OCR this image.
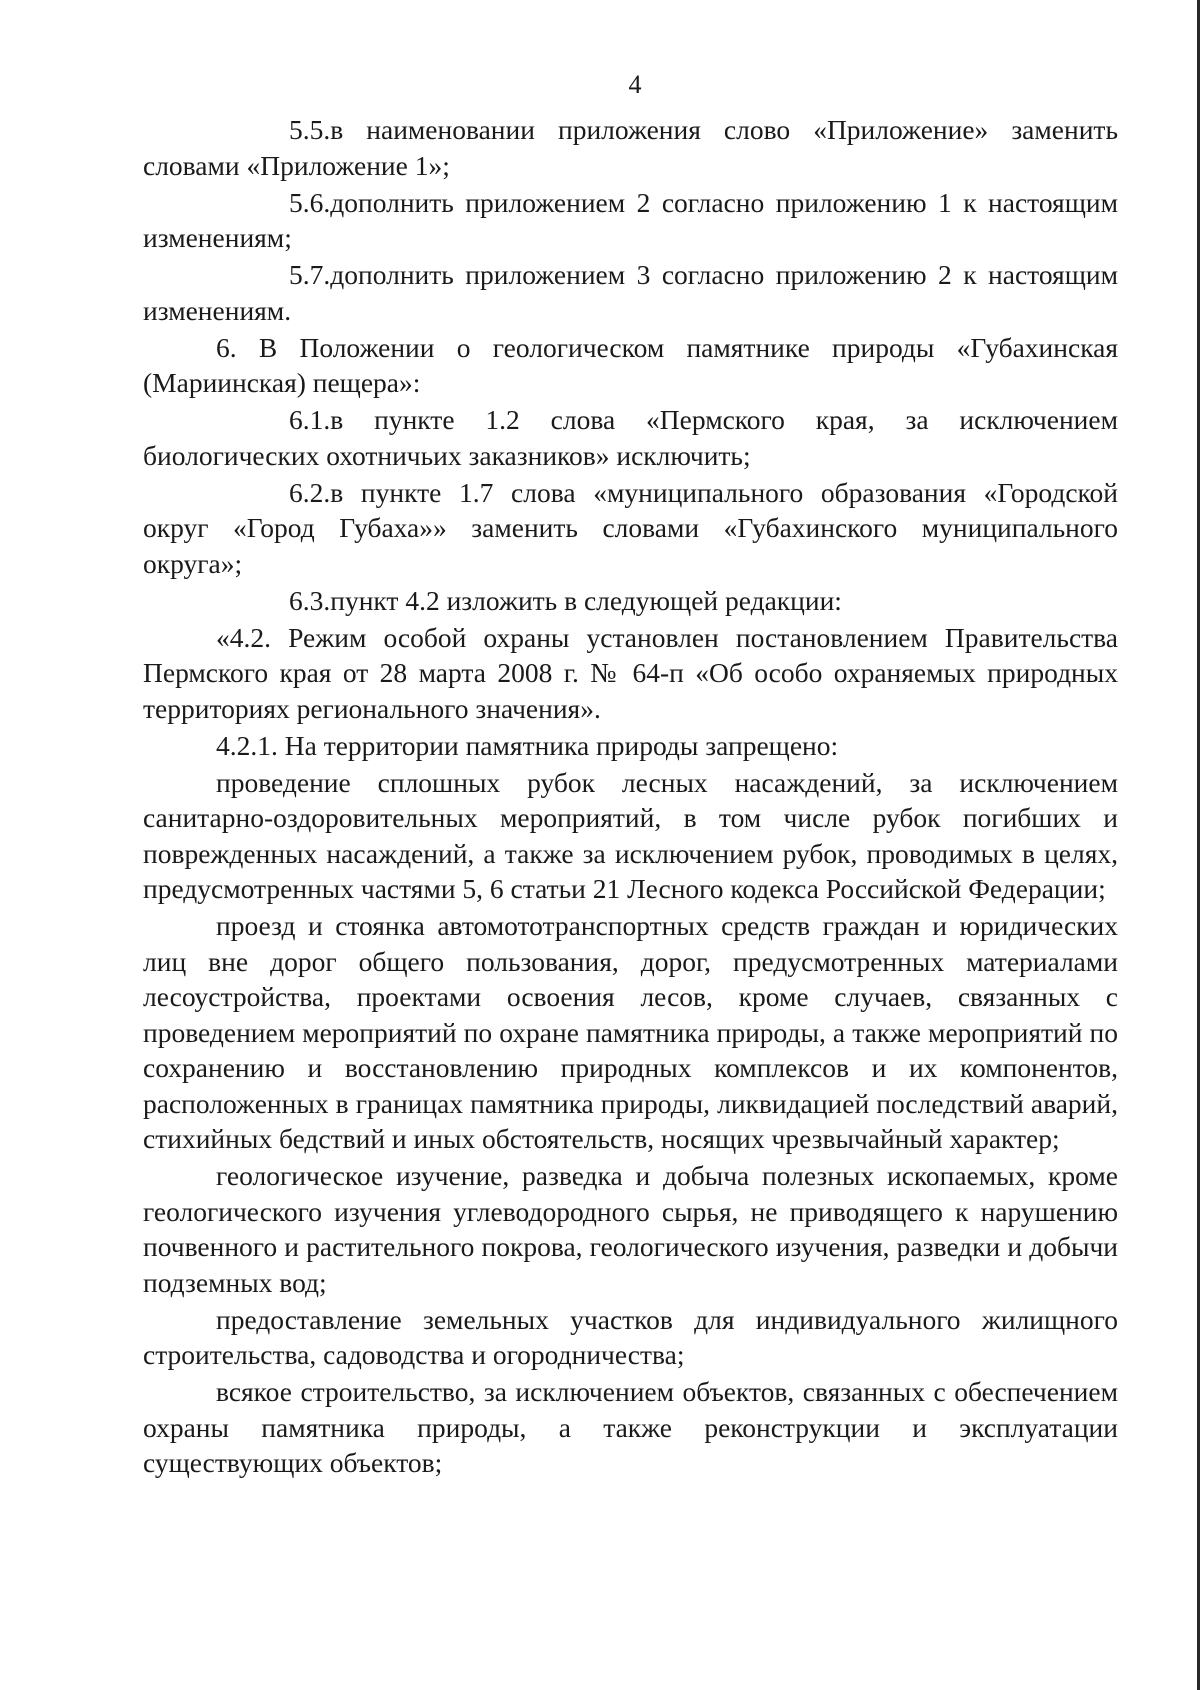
4

5.5.в наименовании приложения слово «Приложение» заменить словами «Приложение 1»;

5.6.дополнить приложением 2 согласно приложению 1 к настоящим изменениям;

5.7.дополнить приложением 3 согласно приложению 2 к настоящим изменениям.

6. В Положении о геологическом памятнике природы «Губахинская (Мариинская) пещера»:

6.1.в пункте 1.2 слова «Пермского края, за исключением биологических охотничьих заказников» исключить;

6.2.в пункте 1.7 слова «муниципального образования «Городской округ «Город Губаха»» заменить словами «Губахинского муниципального округа»;

6.3.пункт 4.2 изложить в следующей редакции:

«4.2. Режим особой охраны установлен постановлением Правительства Пермского края от 28 марта 2008 г. № 64-п «Об особо охраняемых природных территориях регионального значения».

4.2.1. На территории памятника природы запрещено:

проведение сплошных рубок лесных насаждений, за исключением санитарно-оздоровительных мероприятий, в том числе рубок погибших и поврежденных насаждений, а также за исключением рубок, проводимых в целях, предусмотренных частями 5, 6 статьи 21 Лесного кодекса Российской Федерации;

проезд и стоянка автомототранспортных средств граждан и юридических лиц вне дорог общего пользования, дорог, предусмотренных материалами лесоустройства, проектами освоения лесов, кроме случаев, связанных с проведением мероприятий по охране памятника природы, а также мероприятий по сохранению и восстановлению природных комплексов и их компонентов, расположенных в границах памятника природы, ликвидацией последствий аварий, стихийных бедствий и иных обстоятельств, носящих чрезвычайный характер;

геологическое изучение, разведка и добыча полезных ископаемых, кроме геологического изучения углеводородного сырья, не приводящего к нарушению почвенного и растительного покрова, геологического изучения, разведки и добычи подземных вод;

предоставление земельных участков для индивидуального жилищного строительства, садоводства и огородничества;

всякое строительство, за исключением объектов, связанных с обеспечением охраны памятника природы, а также реконструкции и эксплуатации существующих объектов;
